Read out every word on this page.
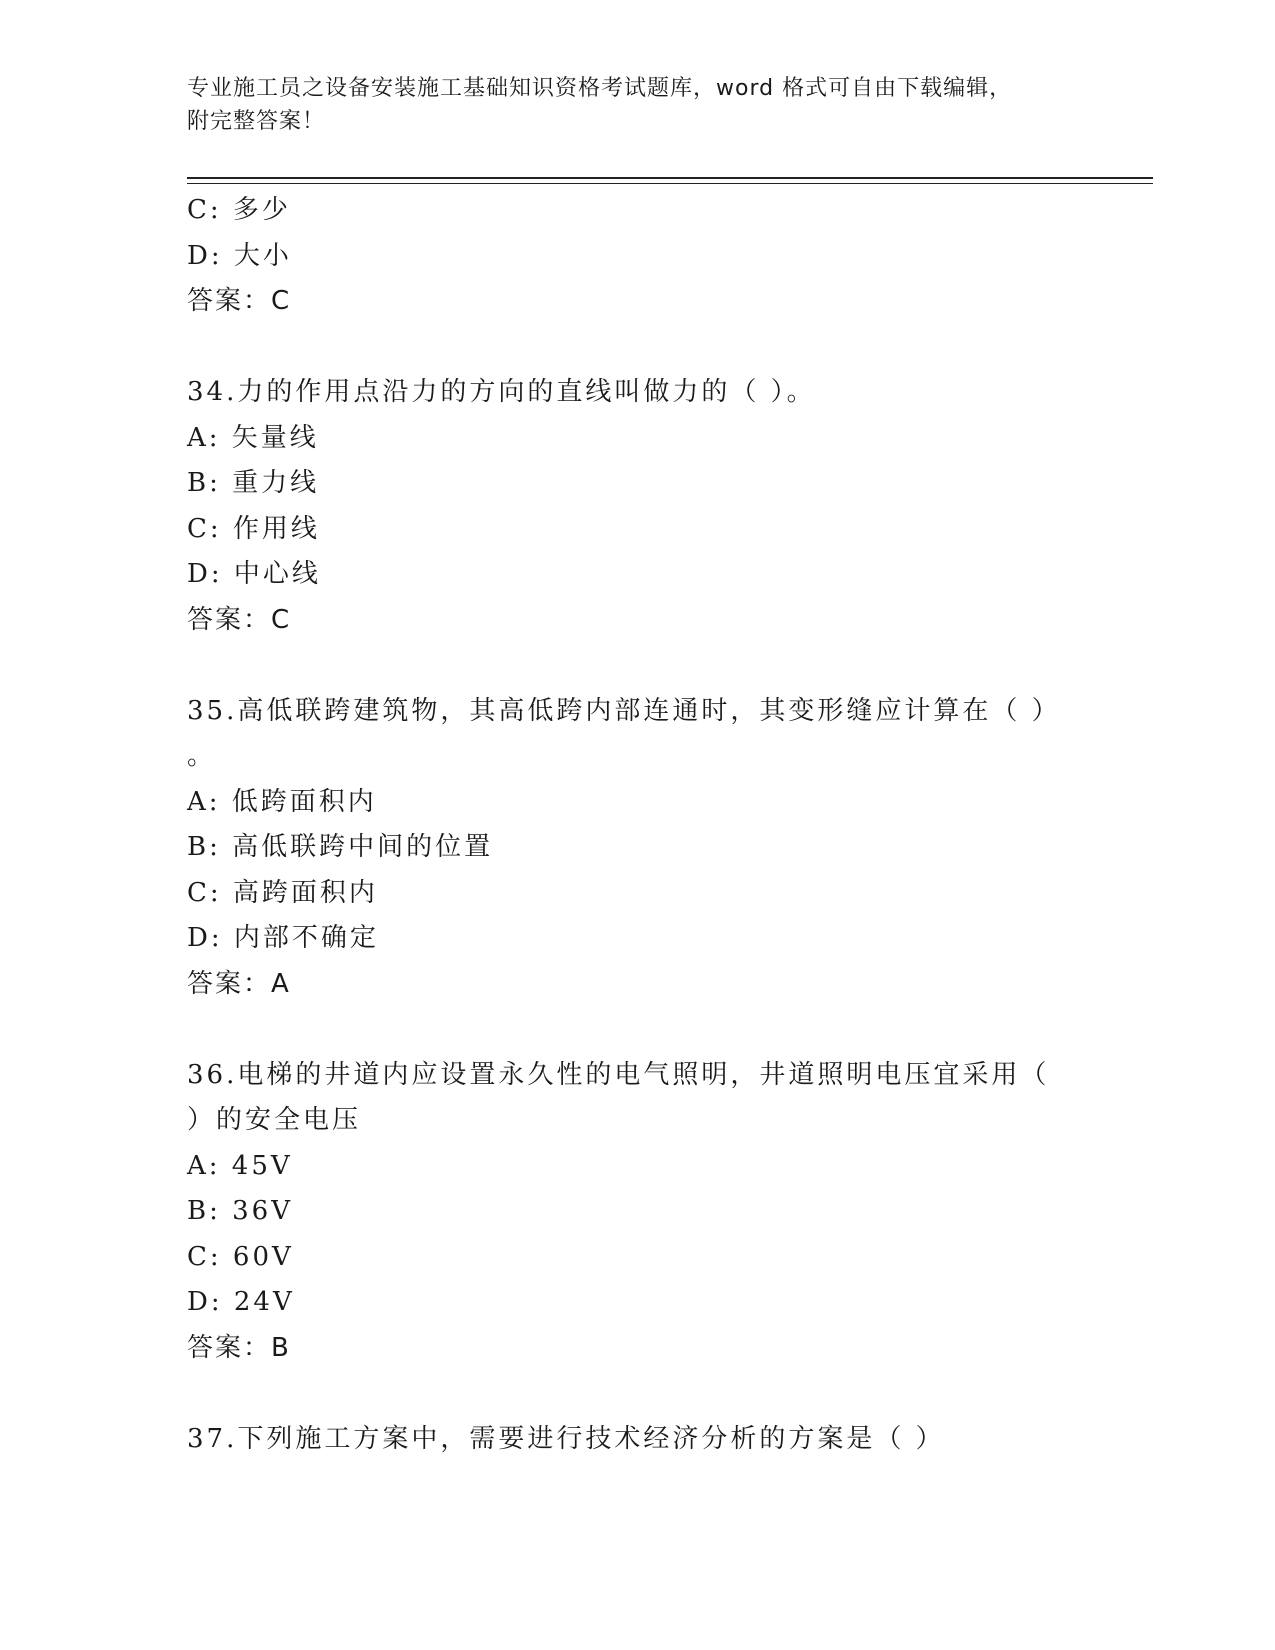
专业施工员之设备安装施工基础知识资格考试题库，word 格式可自由下载编辑，
附完整答案！
C: 多少
D: 大小
答案：C
34.力的作用点沿力的方向的直线叫做力的（ ）。
A: 矢量线
B: 重力线
C: 作用线
D: 中心线
答案：C
35.高低联跨建筑物，其高低跨内部连通时，其变形缝应计算在（ ）
。
A: 低跨面积内
B: 高低联跨中间的位置
C: 高跨面积内
D: 内部不确定
答案：A
36.电梯的井道内应设置永久性的电气照明，井道照明电压宜采用（
）的安全电压
A: 45V
B: 36V
C: 60V
D: 24V
答案：B
37.下列施工方案中，需要进行技术经济分析的方案是（ ）
